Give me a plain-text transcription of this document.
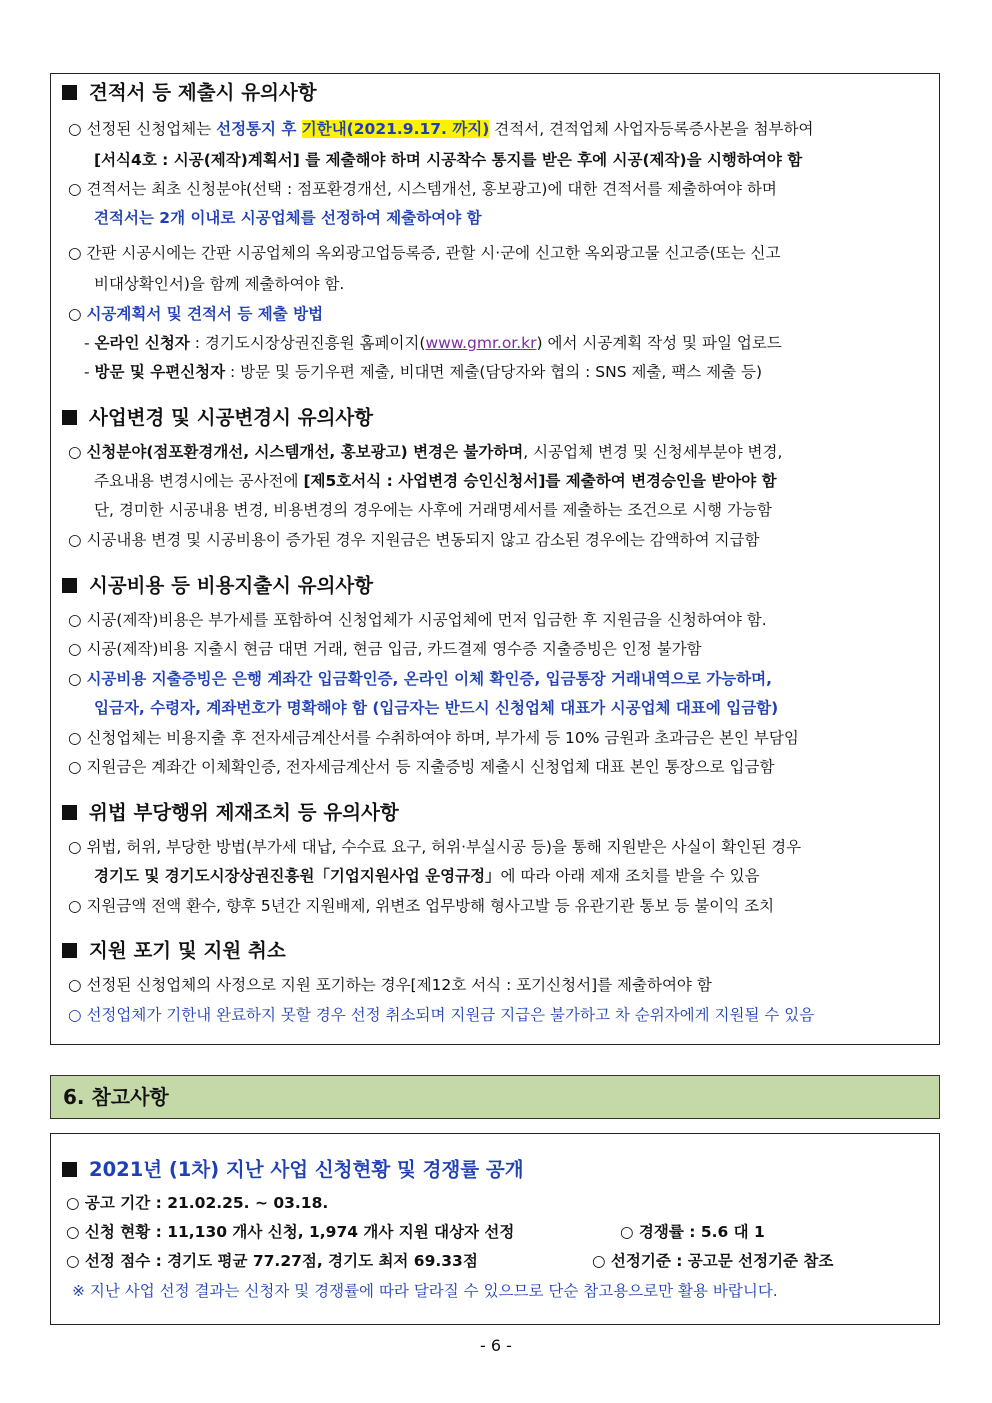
견적서 등 제출시 유의사항
○ 선정된 신청업체는 선정통지 후 기한내(2021.9.17. 까지) 견적서, 견적업체 사업자등록증사본을 첨부하여
[서식4호 : 시공(제작)계획서] 를 제출해야 하며 시공착수 통지를 받은 후에 시공(제작)을 시행하여야 함
○ 견적서는 최초 신청분야(선택 : 점포환경개선, 시스템개선, 홍보광고)에 대한 견적서를 제출하여야 하며
견적서는 2개 이내로 시공업체를 선정하여 제출하여야 함
○ 간판 시공시에는 간판 시공업체의 옥외광고업등록증, 관할 시·군에 신고한 옥외광고물 신고증(또는 신고
비대상확인서)을 함께 제출하여야 함.
○ 시공계획서 및 견적서 등 제출 방법
- 온라인 신청자 : 경기도시장상권진흥원 홈페이지(www.gmr.or.kr) 에서 시공계획 작성 및 파일 업로드
- 방문 및 우편신청자 : 방문 및 등기우편 제출, 비대면 제출(담당자와 협의 : SNS 제출, 팩스 제출 등)
사업변경 및 시공변경시 유의사항
○ 신청분야(점포환경개선, 시스템개선, 홍보광고) 변경은 불가하며, 시공업체 변경 및 신청세부분야 변경,
주요내용 변경시에는 공사전에 [제5호서식 : 사업변경 승인신청서]를 제출하여 변경승인을 받아야 함
단, 경미한 시공내용 변경, 비용변경의 경우에는 사후에 거래명세서를 제출하는 조건으로 시행 가능함
○ 시공내용 변경 및 시공비용이 증가된 경우 지원금은 변동되지 않고 감소된 경우에는 감액하여 지급함
시공비용 등 비용지출시 유의사항
○ 시공(제작)비용은 부가세를 포함하여 신청업체가 시공업체에 먼저 입금한 후 지원금을 신청하여야 함.
○ 시공(제작)비용 지출시 현금 대면 거래, 현금 입금, 카드결제 영수증 지출증빙은 인정 불가함
○ 시공비용 지출증빙은 은행 계좌간 입금확인증, 온라인 이체 확인증, 입금통장 거래내역으로 가능하며,
입금자, 수령자, 계좌번호가 명확해야 함 (입금자는 반드시 신청업체 대표가 시공업체 대표에 입금함)
○ 신청업체는 비용지출 후 전자세금계산서를 수취하여야 하며, 부가세 등 10% 금원과 초과금은 본인 부담임
○ 지원금은 계좌간 이체확인증, 전자세금계산서 등 지출증빙 제출시 신청업체 대표 본인 통장으로 입금함
위법 부당행위 제재조치 등 유의사항
○ 위법, 허위, 부당한 방법(부가세 대납, 수수료 요구, 허위·부실시공 등)을 통해 지원받은 사실이 확인된 경우
경기도 및 경기도시장상권진흥원「기업지원사업 운영규정」에 따라 아래 제재 조치를 받을 수 있음
○ 지원금액 전액 환수, 향후 5년간 지원배제, 위변조 업무방해 형사고발 등 유관기관 통보 등 불이익 조치
지원 포기 및 지원 취소
○ 선정된 신청업체의 사정으로 지원 포기하는 경우[제12호 서식 : 포기신청서]를 제출하여야 함
○ 선정업체가 기한내 완료하지 못할 경우 선정 취소되며 지원금 지급은 불가하고 차 순위자에게 지원될 수 있음
6. 참고사항
2021년 (1차) 지난 사업 신청현황 및 경쟁률 공개
○ 공고 기간 : 21.02.25. ~ 03.18.
○ 신청 현황 : 11,130 개사 신청, 1,974 개사 지원 대상자 선정	○ 경쟁률 : 5.6 대 1
○ 선정 점수 : 경기도 평균 77.27점, 경기도 최저 69.33점	○ 선정기준 : 공고문 선정기준 참조
※ 지난 사업 선정 결과는 신청자 및 경쟁률에 따라 달라질 수 있으므로 단순 참고용으로만 활용 바랍니다.
- 6 -
